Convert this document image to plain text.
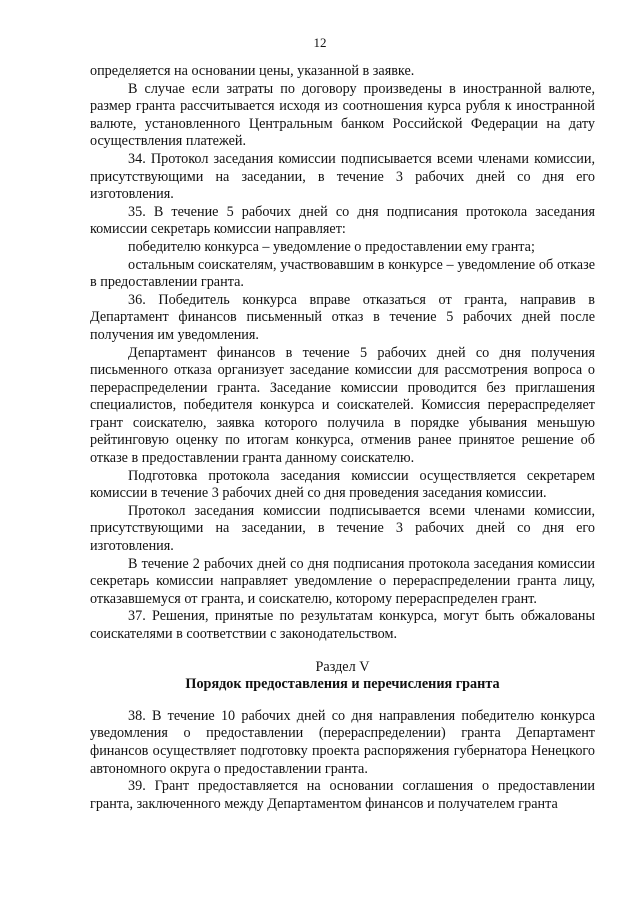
12

определяется на основании цены, указанной в заявке.

В случае если затраты по договору произведены в иностранной валюте, размер гранта рассчитывается исходя из соотношения курса рубля к иностранной валюте, установленного Центральным банком Российской Федерации на дату осуществления платежей.

34. Протокол заседания комиссии подписывается всеми членами комиссии, присутствующими на заседании, в течение 3 рабочих дней со дня его изготовления.

35. В течение 5 рабочих дней со дня подписания протокола заседания комиссии секретарь комиссии направляет:

победителю конкурса – уведомление о предоставлении ему гранта;

остальным соискателям, участвовавшим в конкурсе – уведомление об отказе в предоставлении гранта.

36. Победитель конкурса вправе отказаться от гранта, направив в Департамент финансов письменный отказ в течение 5 рабочих дней после получения им уведомления.

Департамент финансов в течение 5 рабочих дней со дня получения письменного отказа организует заседание комиссии для рассмотрения вопроса о перераспределении гранта. Заседание комиссии проводится без приглашения специалистов, победителя конкурса и соискателей. Комиссия перераспределяет грант соискателю, заявка которого получила в порядке убывания меньшую рейтинговую оценку по итогам конкурса, отменив ранее принятое решение об отказе в предоставлении гранта данному соискателю.

Подготовка протокола заседания комиссии осуществляется секретарем комиссии в течение 3 рабочих дней со дня проведения заседания комиссии.

Протокол заседания комиссии подписывается всеми членами комиссии, присутствующими на заседании, в течение 3 рабочих дней со дня его изготовления.

В течение 2 рабочих дней со дня подписания протокола заседания комиссии секретарь комиссии направляет уведомление о перераспределении гранта лицу, отказавшемуся от гранта, и соискателю, которому перераспределен грант.

37. Решения, принятые по результатам конкурса, могут быть обжалованы соискателями в соответствии с законодательством.

Раздел V

Порядок предоставления и перечисления гранта

38. В течение 10 рабочих дней со дня направления победителю конкурса уведомления о предоставлении (перераспределении) гранта Департамент финансов осуществляет подготовку проекта распоряжения губернатора Ненецкого автономного округа о предоставлении гранта.

39. Грант предоставляется на основании соглашения о предоставлении гранта, заключенного между Департаментом финансов и получателем гранта
